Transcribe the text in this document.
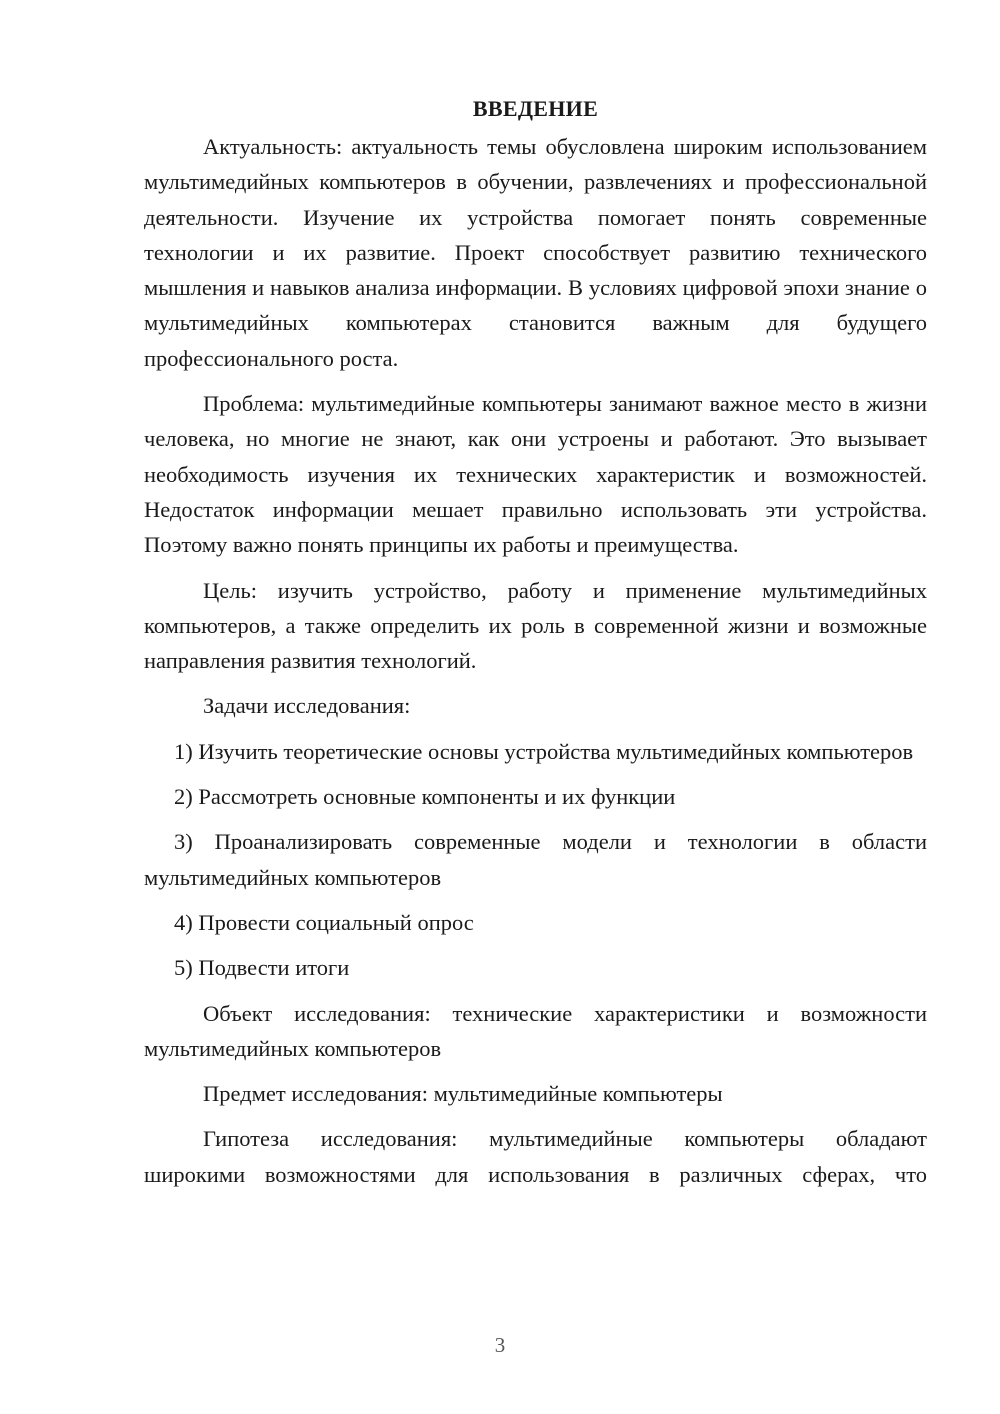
ВВЕДЕНИЕ

Актуальность: актуальность темы обусловлена широким использованием мультимедийных компьютеров в обучении, развлечениях и профессиональной деятельности. Изучение их устройства помогает понять современные технологии и их развитие. Проект способствует развитию технического мышления и навыков анализа информации. В условиях цифровой эпохи знание о мультимедийных компьютерах становится важным для будущего профессионального роста.

Проблема: мультимедийные компьютеры занимают важное место в жизни человека, но многие не знают, как они устроены и работают. Это вызывает необходимость изучения их технических характеристик и возможностей. Недостаток информации мешает правильно использовать эти устройства. Поэтому важно понять принципы их работы и преимущества.

Цель: изучить устройство, работу и применение мультимедийных компьютеров, а также определить их роль в современной жизни и возможные направления развития технологий.

Задачи исследования:

1) Изучить теоретические основы устройства мультимедийных компьютеров

2) Рассмотреть основные компоненты и их функции

3) Проанализировать современные модели и технологии в области мультимедийных компьютеров

4) Провести социальный опрос

5) Подвести итоги

Объект исследования: технические характеристики и возможности мультимедийных компьютеров

Предмет исследования: мультимедийные компьютеры

Гипотеза исследования: мультимедийные компьютеры обладают широкими возможностями для использования в различных сферах, что

3
